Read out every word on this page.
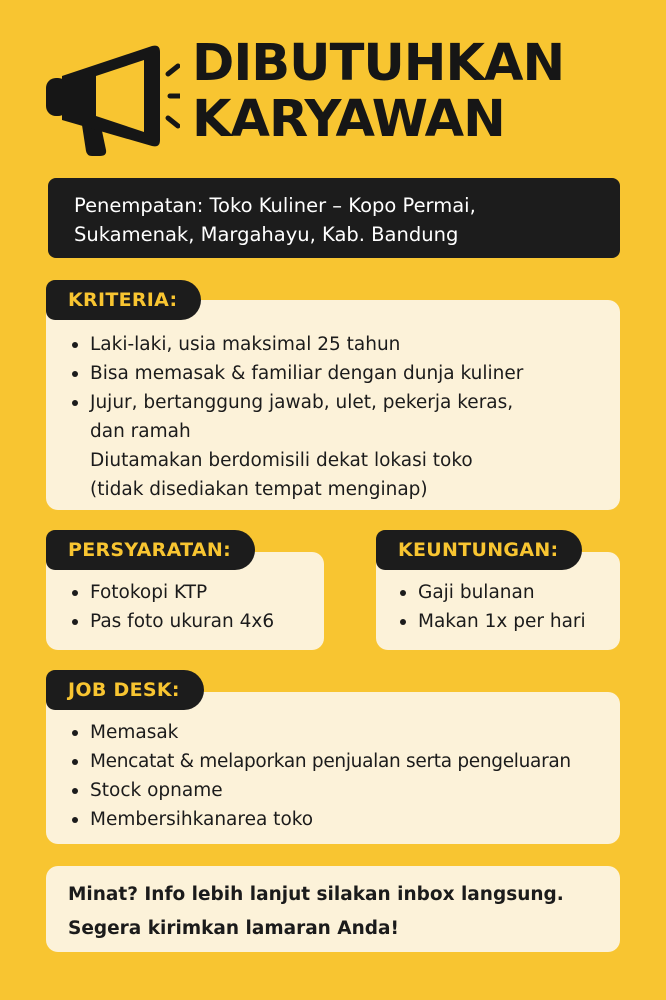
DIBUTUHKAN
KARYAWAN
Penempatan: Toko Kuliner – Kopo Permai,
Sukamenak, Margahayu, Kab. Bandung
Laki-laki, usia maksimal 25 tahun
Bisa memasak & familiar dengan dunja kuliner
Jujur, bertanggung jawab, ulet, pekerja keras,
dan ramah
Diutamakan berdomisili dekat lokasi toko
(tidak disediakan tempat menginap)
KRITERIA:
Fotokopi KTP
Pas foto ukuran 4x6
PERSYARATAN:
Gaji bulanan
Makan 1x per hari
KEUNTUNGAN:
Memasak
Mencatat & melaporkan penjualan serta pengeluaran
Stock opname
Membersihkanarea toko
JOB DESK:
Minat? Info lebih lanjut silakan inbox langsung.
Segera kirimkan lamaran Anda!
